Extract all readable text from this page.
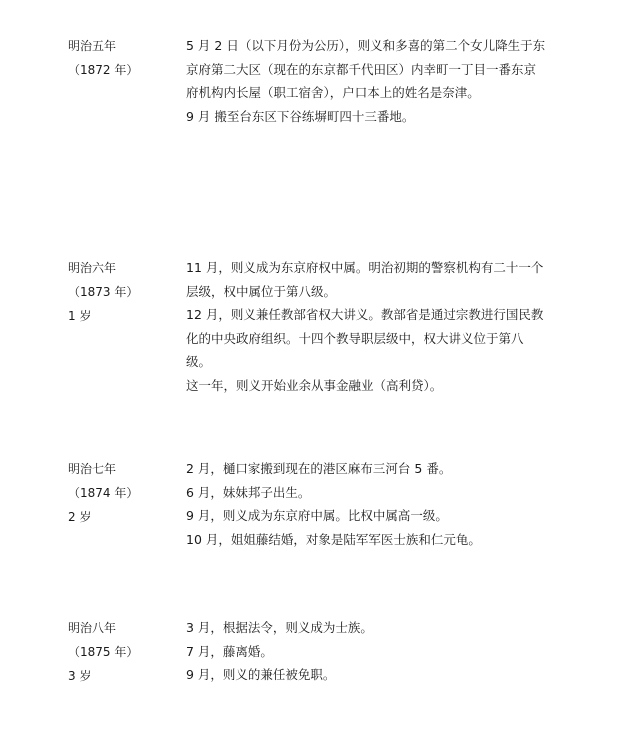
明治五年
（1872 年）

5 月 2 日（以下月份为公历），则义和多喜的第二个女儿降生于东京府第二大区（现在的东京都千代田区）内幸町一丁目一番东京府机构内长屋（职工宿舍），户口本上的姓名是奈津。

9 月 搬至台东区下谷练塀町四十三番地。

明治六年
（1873 年）
1 岁

11 月，则义成为东京府权中属。明治初期的警察机构有二十一个层级，权中属位于第八级。

12 月，则义兼任教部省权大讲义。教部省是通过宗教进行国民教化的中央政府组织。十四个教导职层级中，权大讲义位于第八级。

这一年，则义开始业余从事金融业（高利贷）。

明治七年
（1874 年）
2 岁

2 月，樋口家搬到现在的港区麻布三河台 5 番。

6 月，妹妹邦子出生。

9 月，则义成为东京府中属。比权中属高一级。

10 月，姐姐藤结婚，对象是陆军军医士族和仁元龟。

明治八年
（1875 年）
3 岁

3 月，根据法令，则义成为士族。

7 月，藤离婚。

9 月，则义的兼任被免职。
